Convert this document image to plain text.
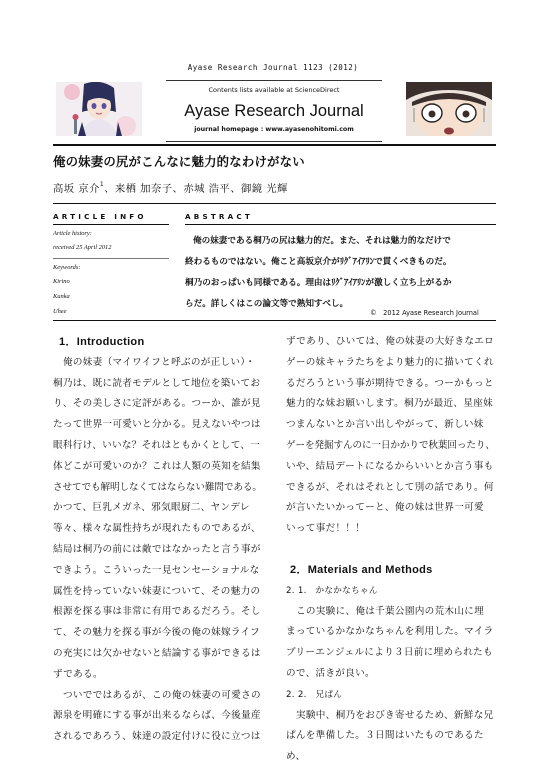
Ayase Research Journal 1123 (2012)
Contents lists available at ScienceDirect
Ayase Research Journal
journal homepage : www.ayasenohitomi.com
俺の妹妻の尻がこんなに魅力的なわけがない
高坂 京介$^1$、来栖 加奈子、赤城 浩平、御鏡 光輝
ARTICLE INFO
Article history:
received 25 April 2012
Keywords:
Kirino
Kunka
Uhee
ABSTRACT
俺の妹妻である桐乃の尻は魅力的だ。また、それは魅力的なだけで
終わるものではない。俺こと高坂京介がﾘｸﾞｱｲｱﾘﾝで貫くべきものだ。
桐乃のおっぱいも同様である。理由はﾘｸﾞｱｲｱﾘﾝが激しく立ち上がるか
らだ。詳しくはこの論文等で熟知すべし。
©　2012 Ayase Research Journal
1．Introduction

俺の妹妻（マイワイフと呼ぶのが正しい）・

桐乃は、既に読者モデルとして地位を築いてお

り、その美しさに定評がある。つーか、誰が見

たって世界一可愛いと分かる。見えないやつは

眼科行け、いいな？それはともかくとして、一

体どこが可愛いのか？これは人類の英知を結集

させてでも解明しなくてはならない難問である。

かつて、巨乳メガネ、邪気眼厨二、ヤンデレ

等々、様々な属性持ちが現れたものであるが、

結局は桐乃の前には敵ではなかったと言う事が

できよう。こういった一見センセーショナルな

属性を持っていない妹妻について、その魅力の

根源を探る事は非常に有用であるだろう。そし

て、その魅力を探る事が今後の俺の妹嫁ライフ

の充実には欠かせないと結論する事ができるは

ずである。

ついでではあるが、この俺の妹妻の可愛さの

源泉を明確にする事が出来るならば、今後量産

されるであろう、妹達の設定付けに役に立つは

ずであり、ひいては、俺の妹妻の大好きなエロ

ゲーの妹キャラたちをより魅力的に描いてくれ

るだろうという事が期待できる。つーかもっと

魅力的な妹お願いします。桐乃が最近、星座妹

つまんないとか言い出しやがって、新しい妹

ゲーを発掘すんのに一日かかりで秋葉回ったり、

いや、結局デートになるからいいとか言う事も

できるが、それはそれとして別の話であり。何

が言いたいかってーと、俺の妹は世界一可愛

いって事だ！！！

2．Materials and Methods

2. 1.　かなかなちゃん

この実験に、俺は千葉公園内の荒木山に埋

まっているかなかなちゃんを利用した。マイラ

ブリーエンジェルにより３日前に埋められたも

ので、活きが良い。

2. 2.　兄ぱん

実験中、桐乃をおびき寄せるため、新鮮な兄

ぱんを準備した。３日間はいたものであるため、
